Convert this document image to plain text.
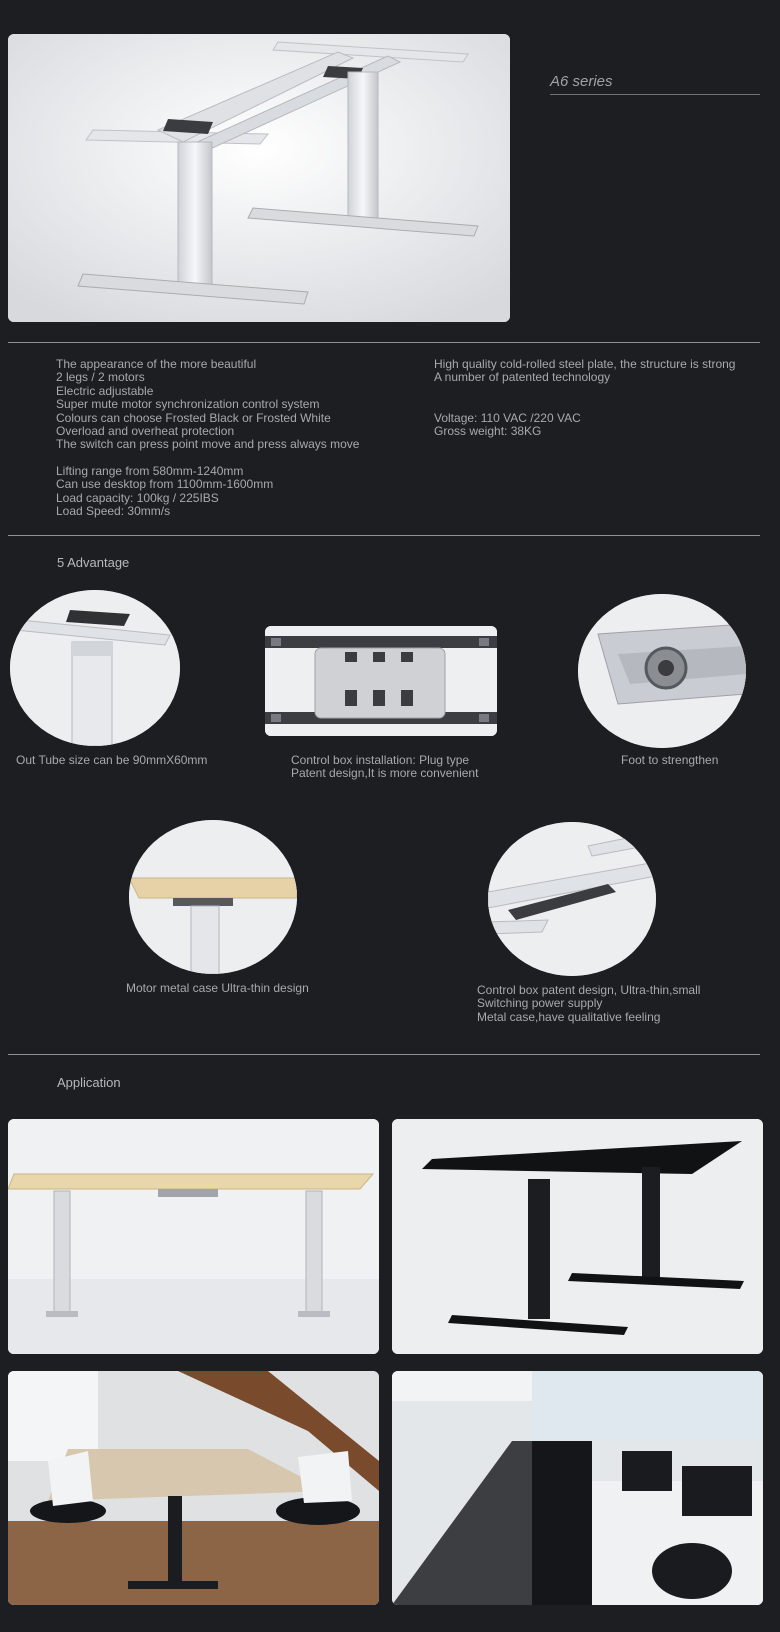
A6 series
The appearance of the more beautiful
2 legs / 2 motors
Electric adjustable
Super mute motor synchronization control system
Colours can choose Frosted Black or Frosted White
Overload and overheat protection
The switch can press point move and press always move
Lifting range from 580mm-1240mm
Can use desktop from 1100mm-1600mm
Load capacity: 100kg / 225IBS
Load Speed: 30mm/s
High quality cold-rolled steel plate, the structure is strong
A number of patented technology
Voltage: 110 VAC /220 VAC
Gross weight: 38KG
5 Advantage
Out Tube size can be 90mmX60mm	Control box installation: Plug type
Patent design,It is more convenient
Foot to strengthen
Motor metal case Ultra-thin design	Control box patent design, Ultra-thin,small
Switching power supply
Metal case,have qualitative feeling
Application
